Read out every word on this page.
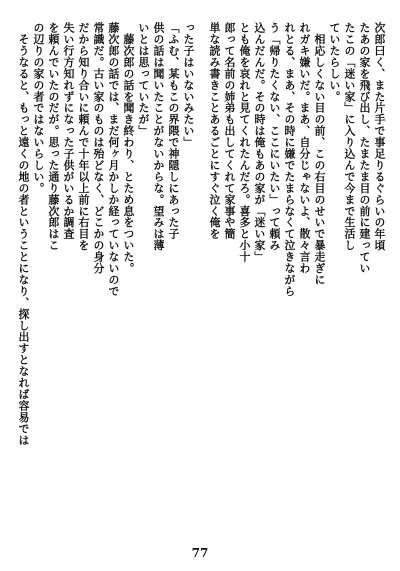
次郎曰く、また片手で事足りるぐらいの年頃
たあの家を飛び出し、たまたま目の前に建ってい
たこの「迷い家」に入り込んで今まで生活し
ていたらしい。
　相応しくない目の前、この右目のせいで暴走ぎに
れガキ嫌いだ。まあ、自分じゃないよ、散々言わ
れとる、まあ、その時に嫌でたまらなくて泣きながら
う「帰りたくない、ここにいたい」って頼み
込んだんだ。その時は俺もあの家が「迷い家」
とも俺を哀れと見てくれたんだろ。喜多と小十
郎って名前の姉弟も出してくれて家事や簡
単な読み書きことあるごとにすぐ泣く俺を

った子はいないみたい」
「ふむ、某もこの界隈で神隠しにあった子
供の話は聞いたことがないからな。望みは薄
いとは思っていたが」
　藤次郎の話を聞き終わり、とため息をついた。
藤次郎の話では、まだ何ヶ月かしか経っていないので
常識だ。古い家のものは殆どなく、どこかの身分
だから知り合いに頼んで十年以上前に右目を
失い行方知れずになった子供がいるか調査
を頼んでいたのだが。思った通り藤次郎はこ
の辺りの家の者ではないらしい。
　そうなると、もっと遠くの地の者ということになり、探し出すとなれば容易では

77
